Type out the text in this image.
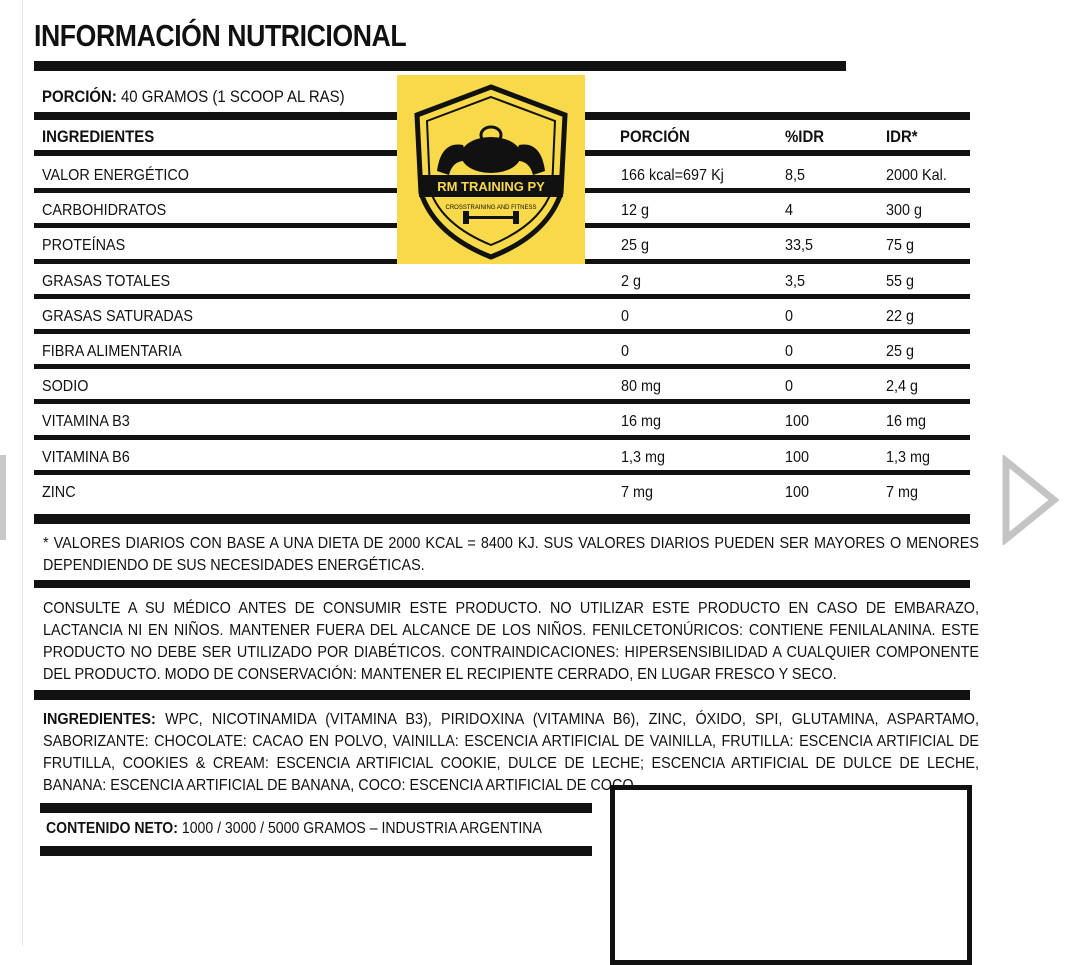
INFORMACIÓN NUTRICIONAL
PORCIÓN: 40 GRAMOS (1 SCOOP AL RAS)
INGREDIENTES	PORCIÓN	%IDR	IDR*
VALOR ENERGÉTICO	166 kcal=697 Kj	8,5	2000 Kal.
CARBOHIDRATOS	12 g	4	300 g
PROTEÍNAS	25 g	33,5	75 g
GRASAS TOTALES	2 g	3,5	55 g
GRASAS SATURADAS	0	0	22 g
FIBRA ALIMENTARIA	0	0	25 g
SODIO	80 mg	0	2,4 g
VITAMINA B3	16 mg	100	16 mg
VITAMINA B6	1,3 mg	100	1,3 mg
ZINC	7 mg	100	7 mg

* VALORES DIARIOS CON BASE A UNA DIETA DE 2000 KCAL = 8400 KJ. SUS VALORES DIARIOS PUEDEN SER MAYORES O MENORES DEPENDIENDO DE SUS NECESIDADES ENERGÉTICAS.

CONSULTE A SU MÉDICO ANTES DE CONSUMIR ESTE PRODUCTO. NO UTILIZAR ESTE PRODUCTO EN CASO DE EMBARAZO, LACTANCIA NI EN NIÑOS. MANTENER FUERA DEL ALCANCE DE LOS NIÑOS. FENILCETONÚRICOS: CONTIENE FENILALANINA. ESTE PRODUCTO NO DEBE SER UTILIZADO POR DIABÉTICOS. CONTRAINDICACIONES: HIPERSENSIBILIDAD A CUALQUIER COMPONENTE DEL PRODUCTO. MODO DE CONSERVACIÓN: MANTENER EL RECIPIENTE CERRADO, EN LUGAR FRESCO Y SECO.

INGREDIENTES: WPC, NICOTINAMIDA (VITAMINA B3), PIRIDOXINA (VITAMINA B6), ZINC, ÓXIDO, SPI, GLUTAMINA, ASPARTAMO, SABORIZANTE: CHOCOLATE: CACAO EN POLVO, VAINILLA: ESCENCIA ARTIFICIAL DE VAINILLA, FRUTILLA: ESCENCIA ARTIFICIAL DE FRUTILLA, COOKIES & CREAM: ESCENCIA ARTIFICIAL COOKIE, DULCE DE LECHE; ESCENCIA ARTIFICIAL DE DULCE DE LECHE, BANANA: ESCENCIA ARTIFICIAL DE BANANA, COCO: ESCENCIA ARTIFICIAL DE COCO.

CONTENIDO NETO: 1000 / 3000 / 5000 GRAMOS – INDUSTRIA ARGENTINA
RM TRAINING PY
CROSSTRAINING AND FITNESS
